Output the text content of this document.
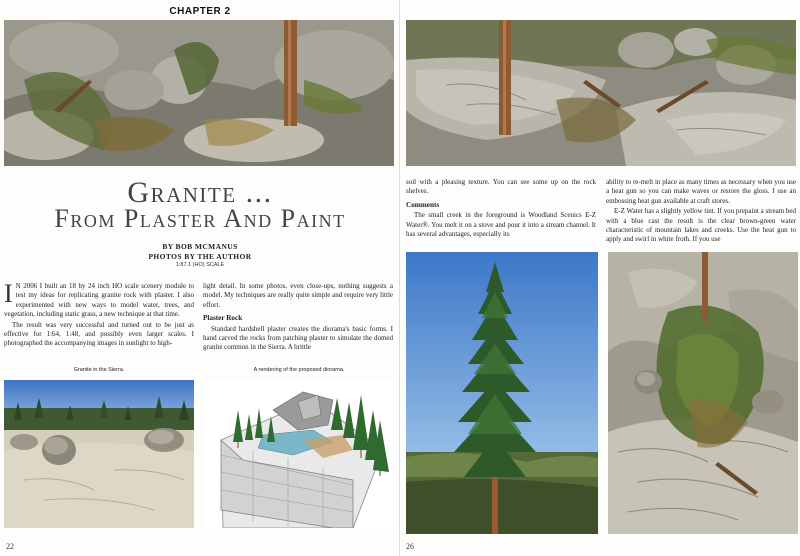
CHAPTER 2
Granite ...
From Plaster And Paint
BY BOB MCMANUS
PHOTOS BY THE AUTHOR
1:87.1 (HO) SCALE

I N 2006 I built an 18 by 24 inch HO scale scenery module to test my ideas for replicating granite rock with plaster. I also experimented with new ways to model water, trees, and vegetation, including static grass, a new technique at that time.

The result was very successful and turned out to be just as effective for 1:64, 1:48, and possibly even larger scales. I photographed the accompanying images in sunlight to high-

light detail. In some photos, even close-ups, nothing suggests a model. My techniques are really quite simple and require very little effort.

Plaster Rock

Standard hardshell plaster creates the diorama's basic forms. I hand carved the rocks from patching plaster to simulate the domed granite common in the Sierra. A brittle

Granite in the Sierra.	A rendering of the proposed diorama.
22

soil with a pleasing texture. You can see some up on the rock shelves.

Comments

The small creek in the foreground is Woodland Scenics E-Z Water®. You melt it on a stove and pour it into a stream channel. It has several advantages, especially its

ability to re-melt in place as many times as necessary when you use a heat gun so you can make waves or restore the gloss. I use an embossing heat gun available at craft stores.

E-Z Water has a slightly yellow tint. If you prepaint a stream bed with a blue cast the result is the clear brown-green water characteristic of mountain lakes and creeks. Use the heat gun to apply and swirl in white froth. If you use

26
